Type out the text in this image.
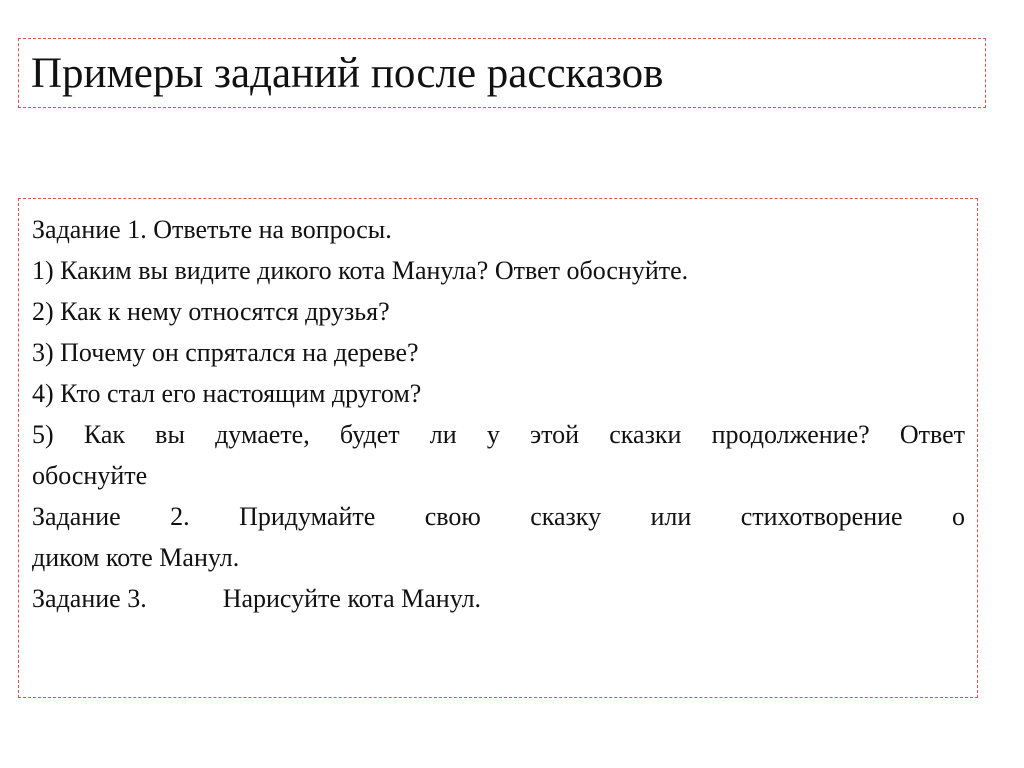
Примеры заданий после рассказов
Задание 1. Ответьте на вопросы.
1) Каким вы видите дикого кота Манула? Ответ обоснуйте.
2) Как к нему относятся друзья?
3) Почему он спрятался на дереве?
4) Кто стал его настоящим другом?
5) Как вы думаете, будет ли у этой сказки продолжение? Ответ
обоснуйте
Задание 2. Придумайте свою сказку или стихотворение о
диком коте Манул.
Задание 3.	Нарисуйте кота Манул.
